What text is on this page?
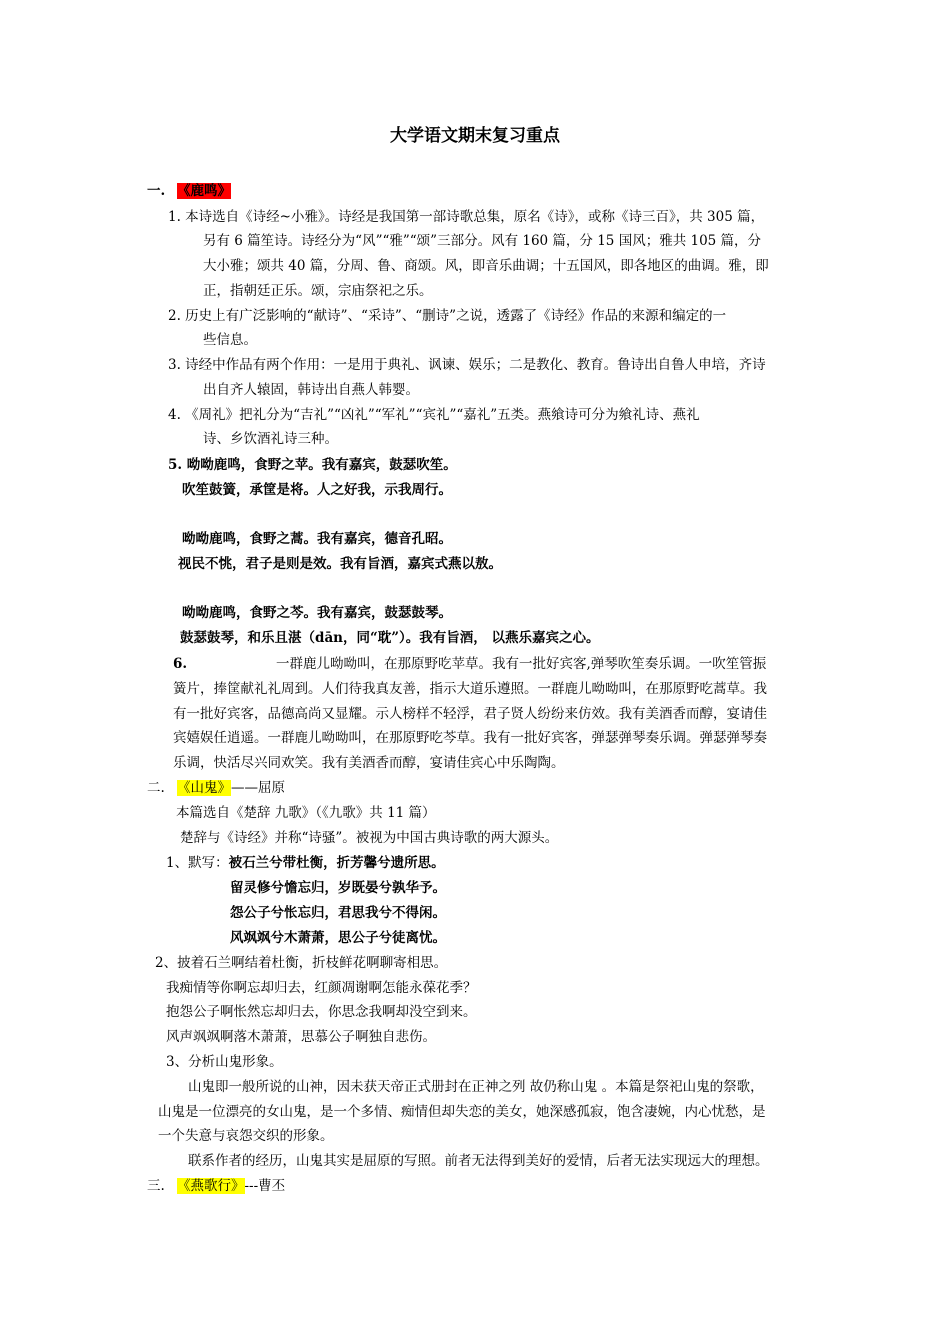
大学语文期末复习重点
一. 《鹿鸣》
1. 本诗选自《诗经~小雅》。诗经是我国第一部诗歌总集，原名《诗》，或称《诗三百》，共 305 篇，
另有 6 篇笙诗。诗经分为“风”“雅”“颂”三部分。风有 160 篇，分 15 国风；雅共 105 篇，分
大小雅；颂共 40 篇，分周、鲁、商颂。风，即音乐曲调；十五国风，即各地区的曲调。雅，即
正，指朝廷正乐。颂，宗庙祭祀之乐。
2. 历史上有广泛影响的“献诗”、“采诗”、“删诗”之说，透露了《诗经》作品的来源和编定的一
些信息。
3. 诗经中作品有两个作用：一是用于典礼、讽谏、娱乐；二是教化、教育。鲁诗出自鲁人申培，齐诗
出自齐人辕固，韩诗出自燕人韩婴。
4. 《周礼》把礼分为“吉礼”“凶礼”“军礼”“宾礼”“嘉礼”五类。燕飨诗可分为飨礼诗、燕礼
诗、乡饮酒礼诗三种。
5. 呦呦鹿鸣，食野之苹。我有嘉宾，鼓瑟吹笙。
吹笙鼓簧，承筐是将。人之好我，示我周行。
呦呦鹿鸣，食野之蒿。我有嘉宾，德音孔昭。
视民不恌，君子是则是效。我有旨酒，嘉宾式燕以敖。
呦呦鹿鸣，食野之芩。我有嘉宾，鼓瑟鼓琴。
鼓瑟鼓琴，和乐且湛（dān，同“耽”）。我有旨酒， 以燕乐嘉宾之心。
6.	一群鹿儿呦呦叫，在那原野吃苹草。我有一批好宾客,弹琴吹笙奏乐调。一吹笙管振
簧片，捧筐献礼礼周到。人们待我真友善，指示大道乐遵照。一群鹿儿呦呦叫，在那原野吃蒿草。我
有一批好宾客，品德高尚又显耀。示人榜样不轻浮，君子贤人纷纷来仿效。我有美酒香而醇，宴请佳
宾嬉娱任逍遥。一群鹿儿呦呦叫，在那原野吃芩草。我有一批好宾客，弹瑟弹琴奏乐调。弹瑟弹琴奏
乐调，快活尽兴同欢笑。我有美酒香而醇，宴请佳宾心中乐陶陶。
二. 《山鬼》——屈原
本篇选自《楚辞 九歌》（《九歌》共 11 篇）
楚辞与《诗经》并称“诗骚”。被视为中国古典诗歌的两大源头。
1、默写：被石兰兮带杜衡，折芳馨兮遗所思。
留灵修兮憺忘归，岁既晏兮孰华予。
怨公子兮怅忘归，君思我兮不得闲。
风飒飒兮木萧萧，思公子兮徒离忧。
2、披着石兰啊结着杜衡，折枝鲜花啊聊寄相思。
我痴情等你啊忘却归去，红颜凋谢啊怎能永葆花季？
抱怨公子啊怅然忘却归去，你思念我啊却没空到来。
风声飒飒啊落木萧萧，思慕公子啊独自悲伤。
3、分析山鬼形象。
山鬼即一般所说的山神，因未获天帝正式册封在正神之列 故仍称山鬼 。本篇是祭祀山鬼的祭歌，
山鬼是一位漂亮的女山鬼，是一个多情、痴情但却失恋的美女，她深感孤寂，饱含凄婉，内心忧愁，是
一个失意与哀怨交织的形象。
联系作者的经历，山鬼其实是屈原的写照。前者无法得到美好的爱情，后者无法实现远大的理想。
三. 《燕歌行》---曹丕
